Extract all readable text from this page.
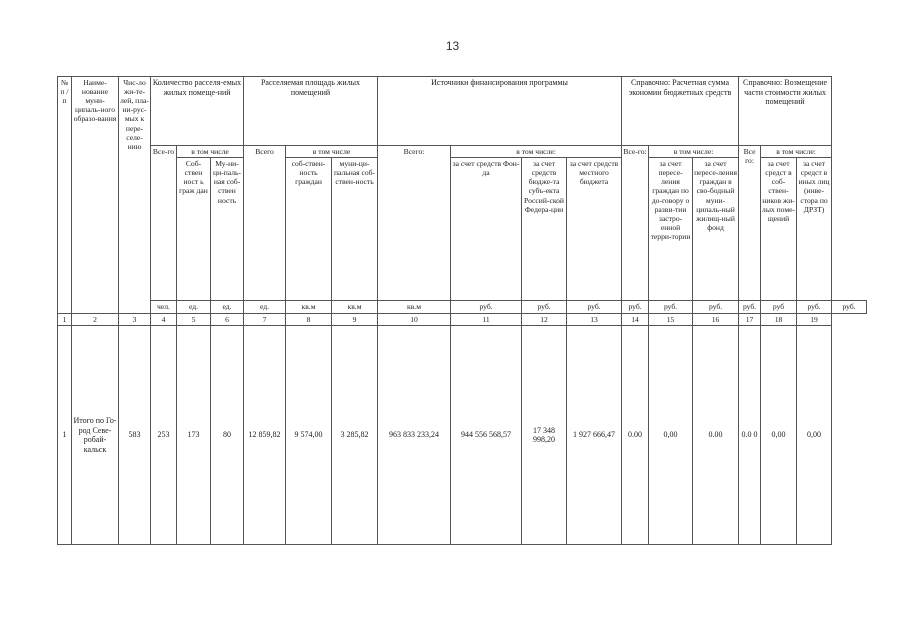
13
№ п / п	Наиме-нование муни-ципаль-ного образо-вания	Чис-ло жи-те-лей, пла-ни-рус-мых к пере-селе-нию	Количество расселя-емых жилых помеще-ний			Расселяемая площадь жилых помещений			Источники финансирования программы				Справочно: Расчетная сумма экономии бюджетных средств			Справочно: Возмещение части стоимости жилых помещений			
			Все-го	в том числе		Всего	в том числе		Всего:	в том числе:			Все-го:	в том числе:		Все го:	в том числе:		
				Соб-ствен ност ь граж дан	Му-ни-ци-паль-ная соб-ствен ность		соб-ствен-ность граждан	муни-ци-пальная соб-ствен-ность		за счет средств Фон-да	за счет средств бюдже-та субъ-екта Россий-ской Федера-ции	за счет средств местного бюджета		за счет пересе-ления граждан по до-говору о разви-тии застро-енной терри-тории	за счет пересе-ления граждан в сво-бодный муни-ципаль-ный жилищ-ный фонд		за счет средст в соб-ствен-ников жи-лых поме-щений	за счет средст в иных лиц (инве-стора по ДРЗТ)	
			чел.	ед.	ед.	ед.	кв.м	кв.м	кв.м	руб.	руб.	руб.	руб.	руб.	руб.	руб.	руб	руб.	руб.
1	2	3	4	5	6	7	8	9	10	11	12	13	14	15	16	17	18	19	
1	Итого по Го-род Севе-робай-кальск	583	253	173	80	12 859,82	9 574,00	3 285,82	963 833 233,24	944 556 568,57	17 348 998,20	1 927 666,47	0.00	0,00	0.00	0.0 0	0,00	0,00	
